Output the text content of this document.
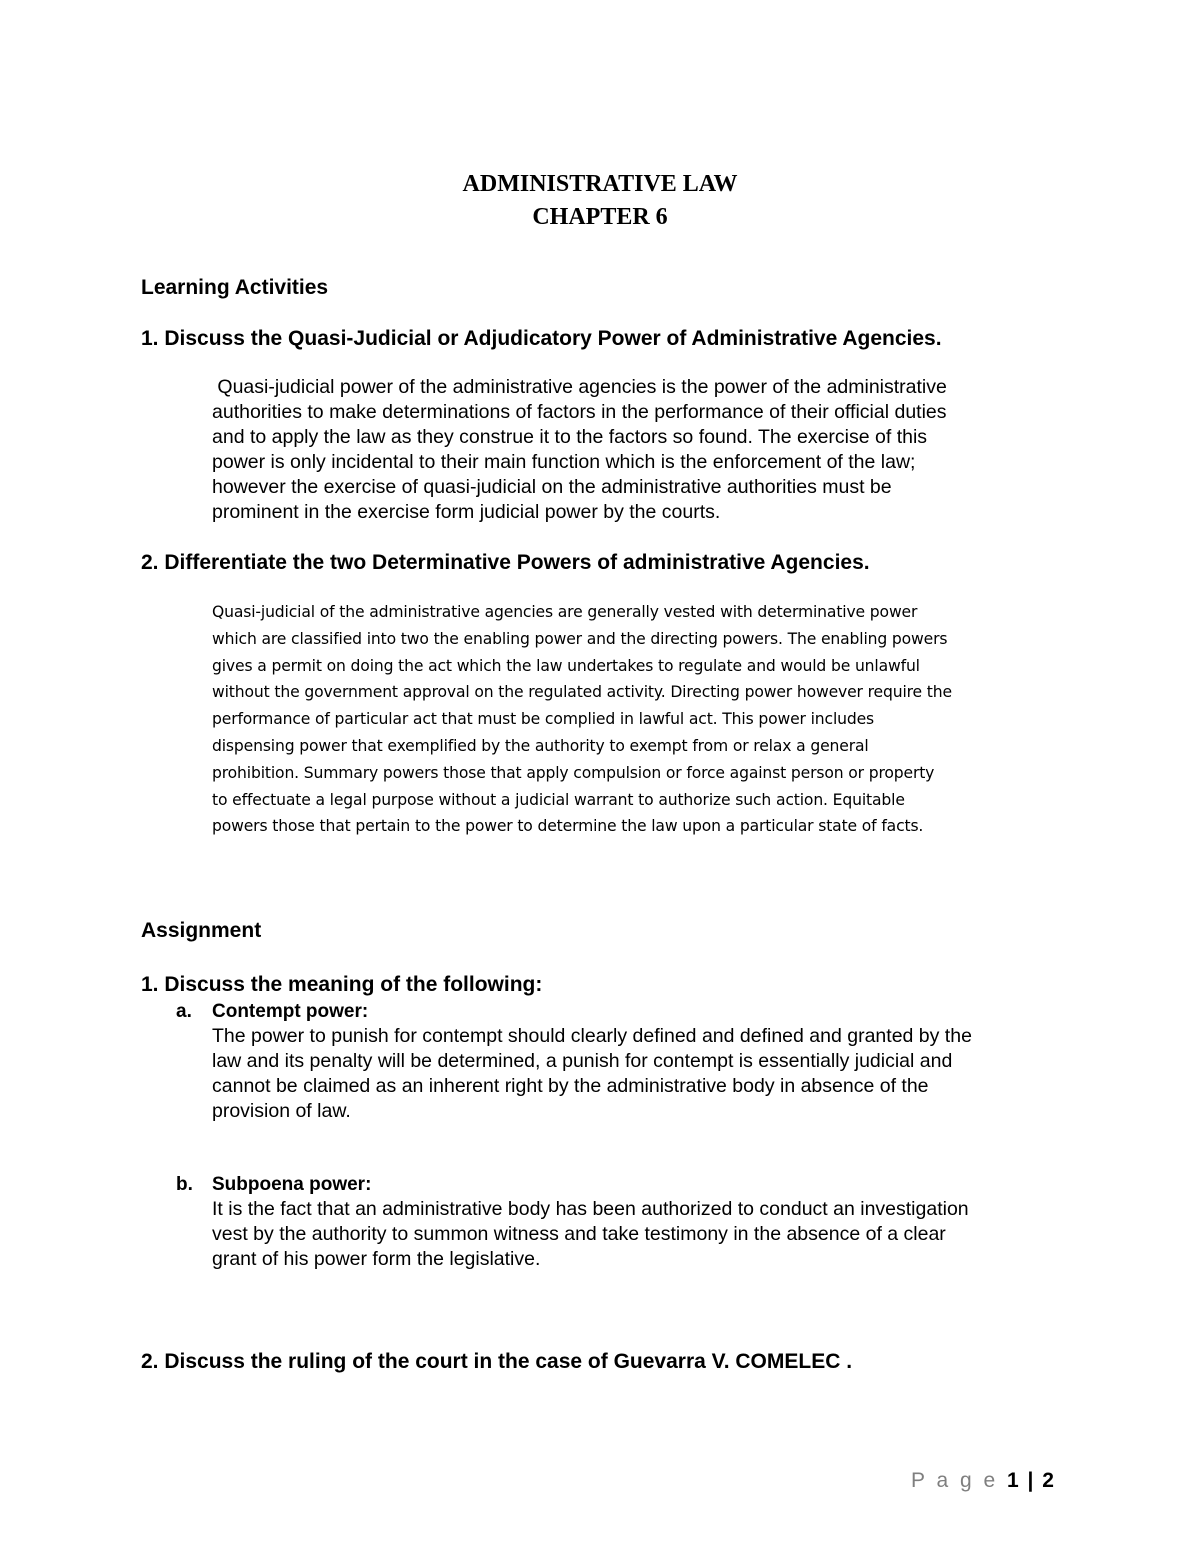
ADMINISTRATIVE LAW
CHAPTER 6
Learning Activities
1. Discuss the Quasi-Judicial or Adjudicatory Power of Administrative Agencies.
Quasi-judicial power of the administrative agencies is the power of the administrative
authorities to make determinations of factors in the performance of their official duties
and to apply the law as they construe it to the factors so found. The exercise of this
power is only incidental to their main function which is the enforcement of the law;
however the exercise of quasi-judicial on the administrative authorities must be
prominent in the exercise form judicial power by the courts.
2. Differentiate the two Determinative Powers of administrative Agencies.
Quasi-judicial of the administrative agencies are generally vested with determinative power
which are classified into two the enabling power and the directing powers. The enabling powers
gives a permit on doing the act which the law undertakes to regulate and would be unlawful
without the government approval on the regulated activity. Directing power however require the
performance of particular act that must be complied in lawful act. This power includes
dispensing power that exemplified by the authority to exempt from or relax a general
prohibition. Summary powers those that apply compulsion or force against person or property
to effectuate a legal purpose without a judicial warrant to authorize such action. Equitable
powers those that pertain to the power to determine the law upon a particular state of facts.
Assignment
1. Discuss the meaning of the following:
a. Contempt power:
The power to punish for contempt should clearly defined and defined and granted by the
law and its penalty will be determined, a punish for contempt is essentially judicial and
cannot be claimed as an inherent right by the administrative body in absence of the
provision of law.
b. Subpoena power:
It is the fact that an administrative body has been authorized to conduct an investigation
vest by the authority to summon witness and take testimony in the absence of a clear
grant of his power form the legislative.
2. Discuss the ruling of the court in the case of Guevarra V. COMELEC .
P a g e 1 | 2
